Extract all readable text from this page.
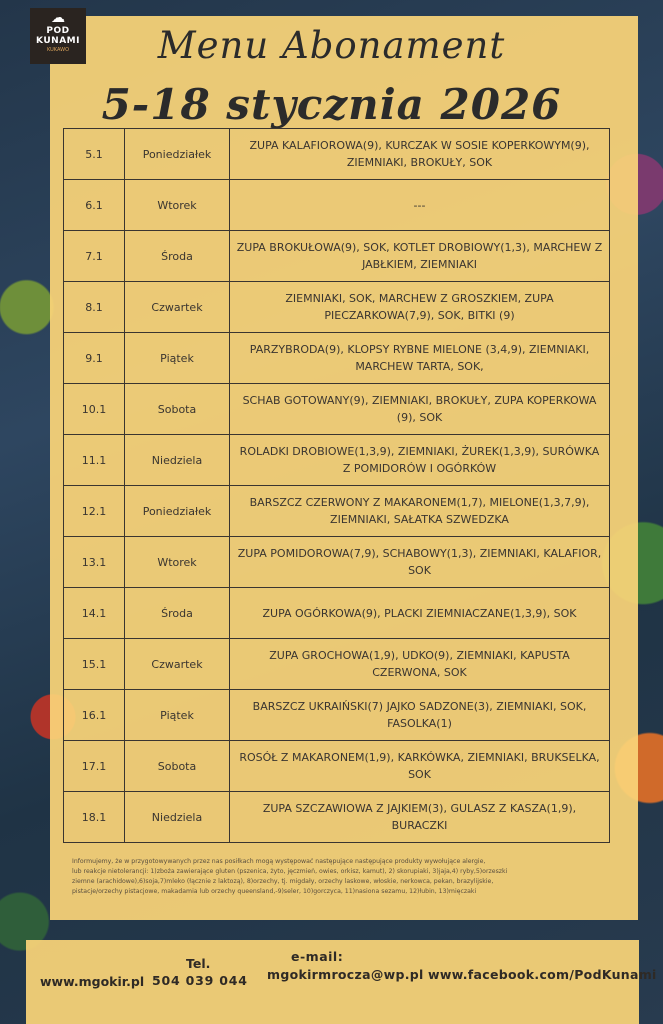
☁
POD
KUNAMI
KUKAWO	Menu Abonament
5-18 stycznia 2026
5.1	Poniedziałek	ZUPA KALAFIOROWA(9), KURCZAK W SOSIE KOPERKOWYM(9), ZIEMNIAKI, BROKUŁY, SOK
6.1	Wtorek	---
7.1	Środa	ZUPA BROKUŁOWA(9), SOK, KOTLET DROBIOWY(1,3), MARCHEW Z JABŁKIEM, ZIEMNIAKI
8.1	Czwartek	ZIEMNIAKI, SOK, MARCHEW Z GROSZKIEM, ZUPA PIECZARKOWA(7,9), SOK, BITKI (9)
9.1	Piątek	PARZYBRODA(9), KLOPSY RYBNE MIELONE (3,4,9), ZIEMNIAKI, MARCHEW TARTA, SOK,
10.1	Sobota	SCHAB GOTOWANY(9), ZIEMNIAKI, BROKUŁY, ZUPA KOPERKOWA (9), SOK
11.1	Niedziela	ROLADKI DROBIOWE(1,3,9), ZIEMNIAKI, ŻUREK(1,3,9), SURÓWKA Z POMIDORÓW I OGÓRKÓW
12.1	Poniedziałek	BARSZCZ CZERWONY Z MAKARONEM(1,7), MIELONE(1,3,7,9), ZIEMNIAKI, SAŁATKA SZWEDZKA
13.1	Wtorek	ZUPA POMIDOROWA(7,9), SCHABOWY(1,3), ZIEMNIAKI, KALAFIOR, SOK
14.1	Środa	ZUPA OGÓRKOWA(9), PLACKI ZIEMNIACZANE(1,3,9), SOK
15.1	Czwartek	ZUPA GROCHOWA(1,9), UDKO(9), ZIEMNIAKI, KAPUSTA CZERWONA, SOK
16.1	Piątek	BARSZCZ UKRAIŃSKI(7) JAJKO SADZONE(3), ZIEMNIAKI, SOK, FASOLKA(1)
17.1	Sobota	ROSÓŁ Z MAKARONEM(1,9), KARKÓWKA, ZIEMNIAKI, BRUKSELKA, SOK
18.1	Niedziela	ZUPA SZCZAWIOWA Z JAJKIEM(3), GULASZ Z KASZA(1,9), BURACZKI

Informujemy, że w przygotowywanych przez nas posiłkach mogą występować następujące następujące produkty wywołujące alergie,

lub reakcje nietolerancji: 1)zboża zawierające gluten (pszenica, żyto, jęczmień, owies, orkisz, kamut), 2) skorupiaki, 3)jaja,4) ryby,5)orzeszki

ziemne (arachidowe),6)soja,7)mleko (łącznie z laktozą), 8)orzechy, tj. migdały, orzechy laskowe, włoskie, nerkowca, pekan, brazylijskie,

pistacje/orzechy pistacjowe, makadamia lub orzechy queensland,-9)seler, 10)gorczyca, 11)nasiona sezamu, 12)łubin, 13)mięczaki

www.mgokir.pl
Tel.
504 039 044
e-mail:
mgokirmrocza@wp.pl www.facebook.com/PodKunami
